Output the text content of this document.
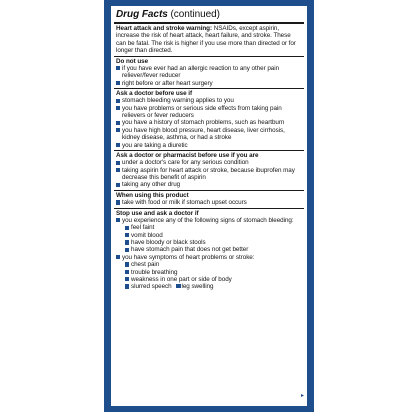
Drug Facts (continued)

Heart attack and stroke warning: NSAIDs, except aspirin, increase the risk of heart attack, heart failure, and stroke. These can be fatal. The risk is higher if you use more than directed or for longer than directed.

Do not use

if you have ever had an allergic reaction to any other pain reliever/fever reducer
right before or after heart surgery

Ask a doctor before use if

stomach bleeding warning applies to you
you have problems or serious side effects from taking pain relievers or fever reducers
you have a history of stomach problems, such as heartburn
you have high blood pressure, heart disease, liver cirrhosis, kidney disease, asthma, or had a stroke
you are taking a diuretic

Ask a doctor or pharmacist before use if you are

under a doctor's care for any serious condition
taking aspirin for heart attack or stroke, because ibuprofen may decrease this benefit of aspirin
taking any other drug

When using this product

take with food or milk if stomach upset occurs

Stop use and ask a doctor if

you experience any of the following signs of stomach bleeding:
feel faint
vomit blood
have bloody or black stools
have stomach pain that does not get better
you have symptoms of heart problems or stroke:
chest pain
trouble breathing
weakness in one part or side of body
slurred speech leg swelling
▸
